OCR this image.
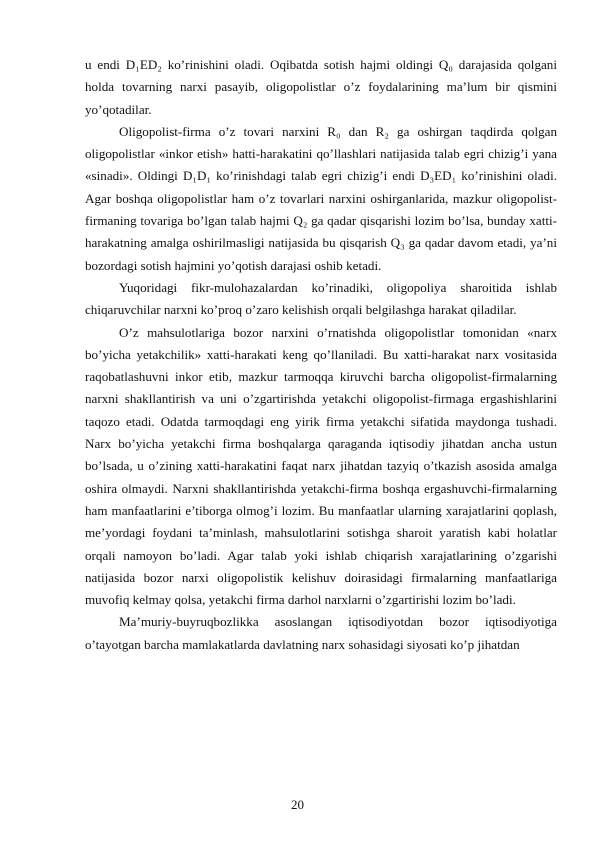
u endi D₁ED₂ ko’rinishini oladi. Oqibatda sotish hajmi oldingi Q₀ darajasida qolgani holda tovarning narxi pasayib, oligopolistlar o’z foydalarining ma’lum bir qismini yo’qotadilar.

Oligopolist-firma o’z tovari narxini R₀ dan R₂ ga oshirgan taqdirda qolgan oligopolistlar «inkor etish» hatti-harakatini qo’llashlari natijasida talab egri chizig’i yana «sinadi». Oldingi D₁D₁ ko’rinishdagi talab egri chizig’i endi D₃ED₁ ko’rinishini oladi. Agar boshqa oligopolistlar ham o’z tovarlari narxini oshirganlarida, mazkur oligopolist-firmaning tovariga bo’lgan talab hajmi Q₂ ga qadar qisqarishi lozim bo’lsa, bunday xatti-harakatning amalga oshirilmasligi natijasida bu qisqarish Q₃ ga qadar davom etadi, ya’ni bozordagi sotish hajmini yo’qotish darajasi oshib ketadi.

Yuqoridagi fikr-mulohazalardan ko’rinadiki, oligopoliya sharoitida ishlab chiqaruvchilar narxni ko’proq o’zaro kelishish orqali belgilashga harakat qiladilar.

O’z mahsulotlariga bozor narxini o’rnatishda oligopolistlar tomonidan «narx bo’yicha yetakchilik» xatti-harakati keng qo’llaniladi. Bu xatti-harakat narx vositasida raqobatlashuvni inkor etib, mazkur tarmoqqa kiruvchi barcha oligopolist-firmalarning narxni shakllantirish va uni o’zgartirishda yetakchi oligopolist-firmaga ergashishlarini taqozo etadi. Odatda tarmoqdagi eng yirik firma yetakchi sifatida maydonga tushadi. Narx bo’yicha yetakchi firma boshqalarga qaraganda iqtisodiy jihatdan ancha ustun bo’lsada, u o’zining xatti-harakatini faqat narx jihatdan tazyiq o’tkazish asosida amalga oshira olmaydi. Narxni shakllantirishda yetakchi-firma boshqa ergashuvchi-firmalarning ham manfaatlarini e’tiborga olmog’i lozim. Bu manfaatlar ularning xarajatlarini qoplash, me’yordagi foydani ta’minlash, mahsulotlarini sotishga sharoit yaratish kabi holatlar orqali namoyon bo’ladi. Agar talab yoki ishlab chiqarish xarajatlarining o’zgarishi natijasida bozor narxi oligopolistik kelishuv doirasidagi firmalarning manfaatlariga muvofiq kelmay qolsa, yetakchi firma darhol narxlarni o’zgartirishi lozim bo’ladi.

Ma’muriy-buyruqbozlikka asoslangan iqtisodiyotdan bozor iqtisodiyotiga o’tayotgan barcha mamlakatlarda davlatning narx sohasidagi siyosati ko’p jihatdan

20
